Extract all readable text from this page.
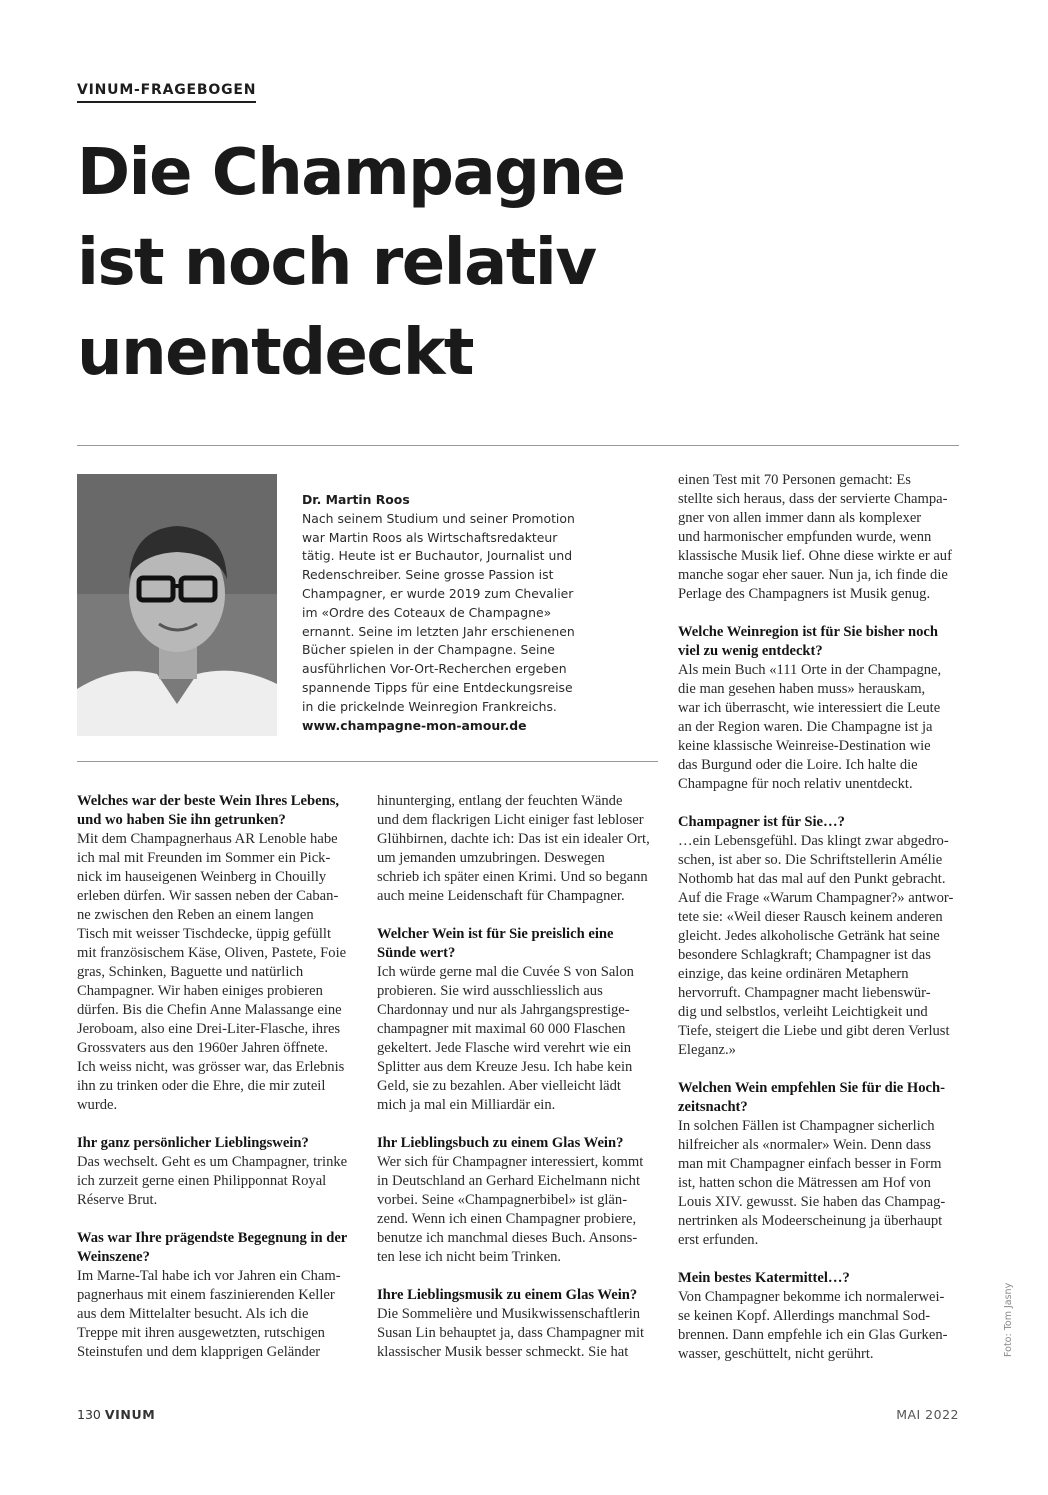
VINUM-FRAGEBOGEN
Die Champagne
ist noch relativ
unentdeckt
Dr. Martin Roos
Nach seinem Studium und seiner Promotion
war Martin Roos als Wirtschaftsredakteur
tätig. Heute ist er Buchautor, Journalist und
Redenschreiber. Seine grosse Passion ist
Champagner, er wurde 2019 zum Chevalier
im «Ordre des Coteaux de Champagne»
ernannt. Seine im letzten Jahr erschienenen
Bücher spielen in der Champagne. Seine
ausführlichen Vor-Ort-Recherchen ergeben
spannende Tipps für eine Entdeckungsreise
in die prickelnde Weinregion Frankreichs.
www.champagne-mon-amour.de
Welches war der beste Wein Ihres Lebens,
und wo haben Sie ihn getrunken?
Mit dem Champagnerhaus AR Lenoble habe
ich mal mit Freunden im Sommer ein Pick-
nick im hauseigenen Weinberg in Chouilly
erleben dürfen. Wir sassen neben der Caban-
ne zwischen den Reben an einem langen
Tisch mit weisser Tischdecke, üppig gefüllt
mit französischem Käse, Oliven, Pastete, Foie
gras, Schinken, Baguette und natürlich
Champagner. Wir haben einiges probieren
dürfen. Bis die Chefin Anne Malassange eine
Jeroboam, also eine Drei-Liter-Flasche, ihres
Grossvaters aus den 1960er Jahren öffnete.
Ich weiss nicht, was grösser war, das Erlebnis
ihn zu trinken oder die Ehre, die mir zuteil
wurde.
Ihr ganz persönlicher Lieblingswein?
Das wechselt. Geht es um Champagner, trinke
ich zurzeit gerne einen Philipponnat Royal
Réserve Brut.
Was war Ihre prägendste Begegnung in der
Weinszene?
Im Marne-Tal habe ich vor Jahren ein Cham-
pagnerhaus mit einem faszinierenden Keller
aus dem Mittelalter besucht. Als ich die
Treppe mit ihren ausgewetzten, rutschigen
Steinstufen und dem klapprigen Geländer
hinunterging, entlang der feuchten Wände
und dem flackrigen Licht einiger fast lebloser
Glühbirnen, dachte ich: Das ist ein idealer Ort,
um jemanden umzubringen. Deswegen
schrieb ich später einen Krimi. Und so begann
auch meine Leidenschaft für Champagner.
Welcher Wein ist für Sie preislich eine
Sünde wert?
Ich würde gerne mal die Cuvée S von Salon
probieren. Sie wird ausschliesslich aus
Chardonnay und nur als Jahrgangsprestige-
champagner mit maximal 60 000 Flaschen
gekeltert. Jede Flasche wird verehrt wie ein
Splitter aus dem Kreuze Jesu. Ich habe kein
Geld, sie zu bezahlen. Aber vielleicht lädt
mich ja mal ein Milliardär ein.
Ihr Lieblingsbuch zu einem Glas Wein?
Wer sich für Champagner interessiert, kommt
in Deutschland an Gerhard Eichelmann nicht
vorbei. Seine «Champagnerbibel» ist glän-
zend. Wenn ich einen Champagner probiere,
benutze ich manchmal dieses Buch. Ansons-
ten lese ich nicht beim Trinken.
Ihre Lieblingsmusik zu einem Glas Wein?
Die Sommelière und Musikwissenschaftlerin
Susan Lin behauptet ja, dass Champagner mit
klassischer Musik besser schmeckt. Sie hat
einen Test mit 70 Personen gemacht: Es
stellte sich heraus, dass der servierte Champa-
gner von allen immer dann als komplexer
und harmonischer empfunden wurde, wenn
klassische Musik lief. Ohne diese wirkte er auf
manche sogar eher sauer. Nun ja, ich finde die
Perlage des Champagners ist Musik genug.
Welche Weinregion ist für Sie bisher noch
viel zu wenig entdeckt?
Als mein Buch «111 Orte in der Champagne,
die man gesehen haben muss» herauskam,
war ich überrascht, wie interessiert die Leute
an der Region waren. Die Champagne ist ja
keine klassische Weinreise-Destination wie
das Burgund oder die Loire. Ich halte die
Champagne für noch relativ unentdeckt.
Champagner ist für Sie…?
…ein Lebensgefühl. Das klingt zwar abgedro-
schen, ist aber so. Die Schriftstellerin Amélie
Nothomb hat das mal auf den Punkt gebracht.
Auf die Frage «Warum Champagner?» antwor-
tete sie: «Weil dieser Rausch keinem anderen
gleicht. Jedes alkoholische Getränk hat seine
besondere Schlagkraft; Champagner ist das
einzige, das keine ordinären Metaphern
hervorruft. Champagner macht liebenswür-
dig und selbstlos, verleiht Leichtigkeit und
Tiefe, steigert die Liebe und gibt deren Verlust
Eleganz.»
Welchen Wein empfehlen Sie für die Hoch-
zeitsnacht?
In solchen Fällen ist Champagner sicherlich
hilfreicher als «normaler» Wein. Denn dass
man mit Champagner einfach besser in Form
ist, hatten schon die Mätressen am Hof von
Louis XIV. gewusst. Sie haben das Champag-
nertrinken als Modeerscheinung ja überhaupt
erst erfunden.
Mein bestes Katermittel…?
Von Champagner bekomme ich normalerwei-
se keinen Kopf. Allerdings manchmal Sod-
brennen. Dann empfehle ich ein Glas Gurken-
wasser, geschüttelt, nicht gerührt.
130 VINUM	MAI 2022
Foto: Tom Jasny
